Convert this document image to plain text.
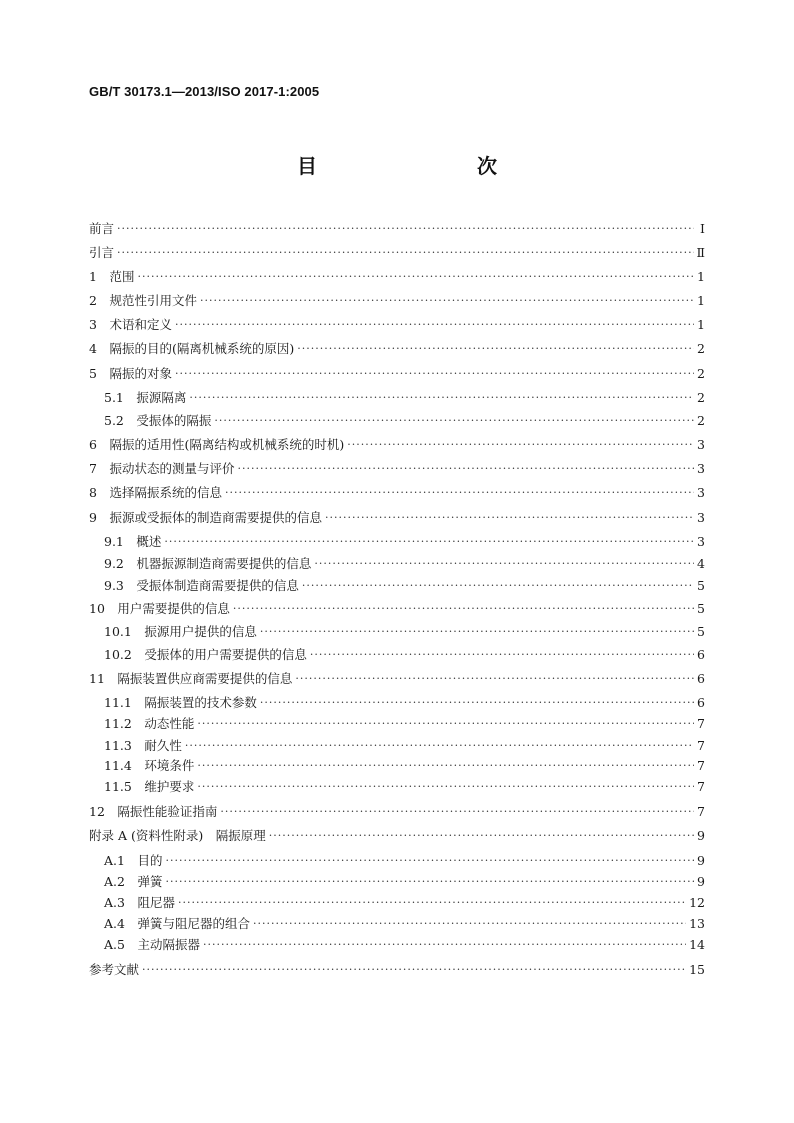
GB/T 30173.1—2013/ISO 2017-1:2005
目　　次
前言 ·····	Ⅰ
引言 ·····	Ⅱ
1　范围 ·····	1
2　规范性引用文件 ·····	1
3　术语和定义 ·····	1
4　隔振的目的(隔离机械系统的原因) ·····	2
5　隔振的对象 ·····	2
5.1　振源隔离 ·····	2
5.2　受振体的隔振 ·····	2
6　隔振的适用性(隔离结构或机械系统的时机) ·····	3
7　振动状态的测量与评价 ·····	3
8　选择隔振系统的信息 ·····	3
9　振源或受振体的制造商需要提供的信息 ·····	3
9.1　概述 ·····	3
9.2　机器振源制造商需要提供的信息 ·····	4
9.3　受振体制造商需要提供的信息 ·····	5
10　用户需要提供的信息 ·····	5
10.1　振源用户提供的信息 ·····	5
10.2　受振体的用户需要提供的信息 ·····	6
11　隔振装置供应商需要提供的信息 ·····	6
11.1　隔振装置的技术参数 ·····	6
11.2　动态性能 ·····	7
11.3　耐久性 ·····	7
11.4　环境条件 ·····	7
11.5　维护要求 ·····	7
12　隔振性能验证指南 ·····	7
附录 A (资料性附录)　隔振原理 ·····	9
A.1　目的 ·····	9
A.2　弹簧 ·····	9
A.3　阻尼器 ·····	12
A.4　弹簧与阻尼器的组合 ·····	13
A.5　主动隔振器 ·····	14
参考文献 ·····	15
